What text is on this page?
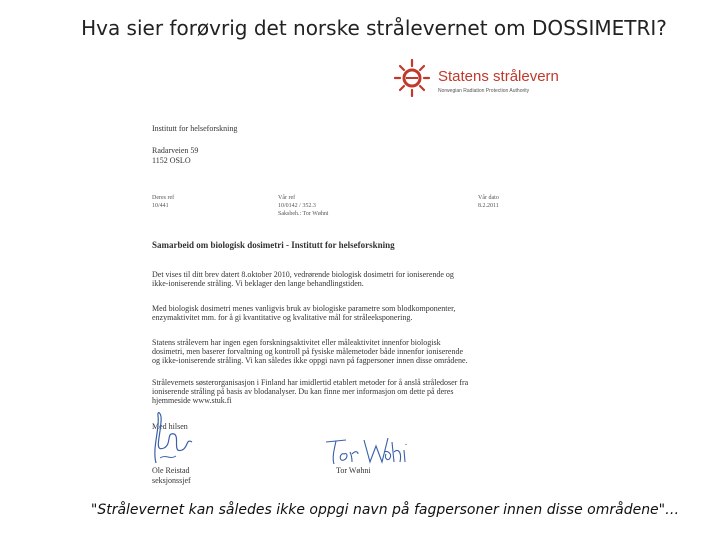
Hva sier forøvrig det norske strålevernet om DOSSIMETRI?
Statens strålevern
Norwegian Radiation Protection Authority
Institutt for helseforskning
Radarveien 59
1152 OSLO
Deres ref
10/441
Vår ref
10/0142 / 352.3
Saksbeh.: Tor Wøhni
Vår dato
8.2.2011
Samarbeid om biologisk dosimetri - Institutt for helseforskning
Det vises til ditt brev datert 8.oktober 2010, vedrørende biologisk dosimetri for ioniserende og
ikke-ioniserende stråling. Vi beklager den lange behandlingstiden.
Med biologisk dosimetri menes vanligvis bruk av biologiske parametre som blodkomponenter,
enzymaktivitet mm. for å gi kvantitative og kvalitative mål for stråleeksponering.
Statens strålevern har ingen egen forskningsaktivitet eller måleaktivitet innenfor biologisk
dosimetri, men baserer forvaltning og kontroll på fysiske målemetoder både innenfor ioniserende
og ikke-ioniserende stråling. Vi kan således ikke oppgi navn på fagpersoner innen disse områdene.
Strålevernets søsterorganisasjon i Finland har imidlertid etablert metoder for å anslå stråledoser fra
ioniserende stråling på basis av blodanalyser. Du kan finne mer informasjon om dette på deres
hjemmeside www.stuk.fi
Med hilsen
Ole Reistad
seksjonssjef
Tor Wøhni
"Strålevernet kan således ikke oppgi navn på fagpersoner innen disse områdene"…
